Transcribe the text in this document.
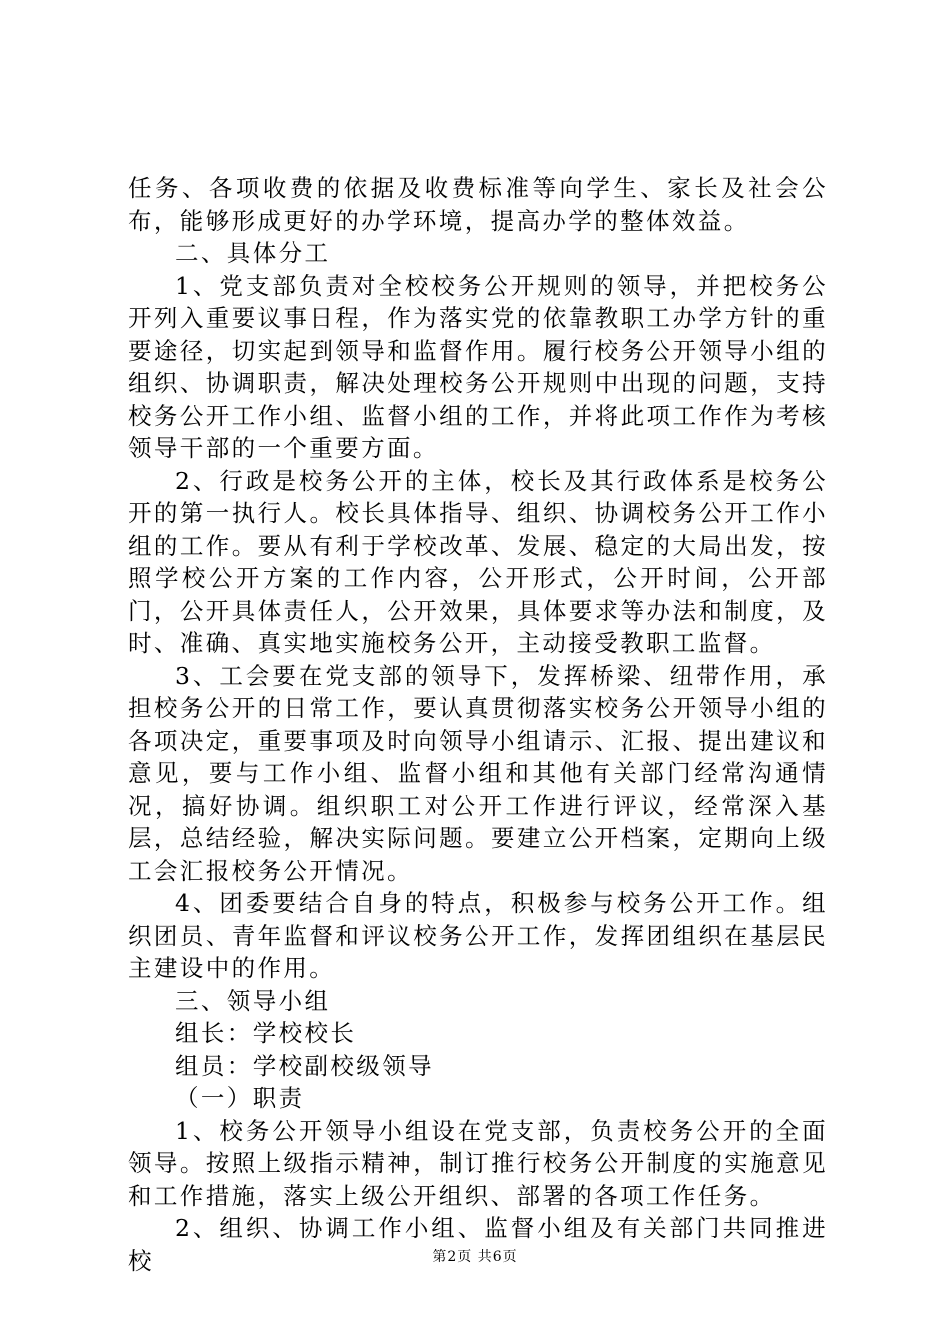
任务、各项收费的依据及收费标准等向学生、家长及社会公布，能够形成更好的办学环境，提高办学的整体效益。

二、具体分工

1、党支部负责对全校校务公开规则的领导，并把校务公开列入重要议事日程，作为落实党的依靠教职工办学方针的重要途径，切实起到领导和监督作用。履行校务公开领导小组的组织、协调职责，解决处理校务公开规则中出现的问题，支持校务公开工作小组、监督小组的工作，并将此项工作作为考核领导干部的一个重要方面。

2、行政是校务公开的主体，校长及其行政体系是校务公开的第一执行人。校长具体指导、组织、协调校务公开工作小组的工作。要从有利于学校改革、发展、稳定的大局出发，按照学校公开方案的工作内容，公开形式，公开时间，公开部门，公开具体责任人，公开效果，具体要求等办法和制度，及时、准确、真实地实施校务公开，主动接受教职工监督。

3、工会要在党支部的领导下，发挥桥梁、纽带作用，承担校务公开的日常工作，要认真贯彻落实校务公开领导小组的各项决定，重要事项及时向领导小组请示、汇报、提出建议和意见，要与工作小组、监督小组和其他有关部门经常沟通情况，搞好协调。组织职工对公开工作进行评议，经常深入基层，总结经验，解决实际问题。要建立公开档案，定期向上级工会汇报校务公开情况。

4、团委要结合自身的特点，积极参与校务公开工作。组织团员、青年监督和评议校务公开工作，发挥团组织在基层民主建设中的作用。

三、领导小组

组长：学校校长

组员：学校副校级领导

（一）职责

1、校务公开领导小组设在党支部，负责校务公开的全面领导。按照上级指示精神，制订推行校务公开制度的实施意见和工作措施，落实上级公开组织、部署的各项工作任务。

2、组织、协调工作小组、监督小组及有关部门共同推进校	第2页 共6页
